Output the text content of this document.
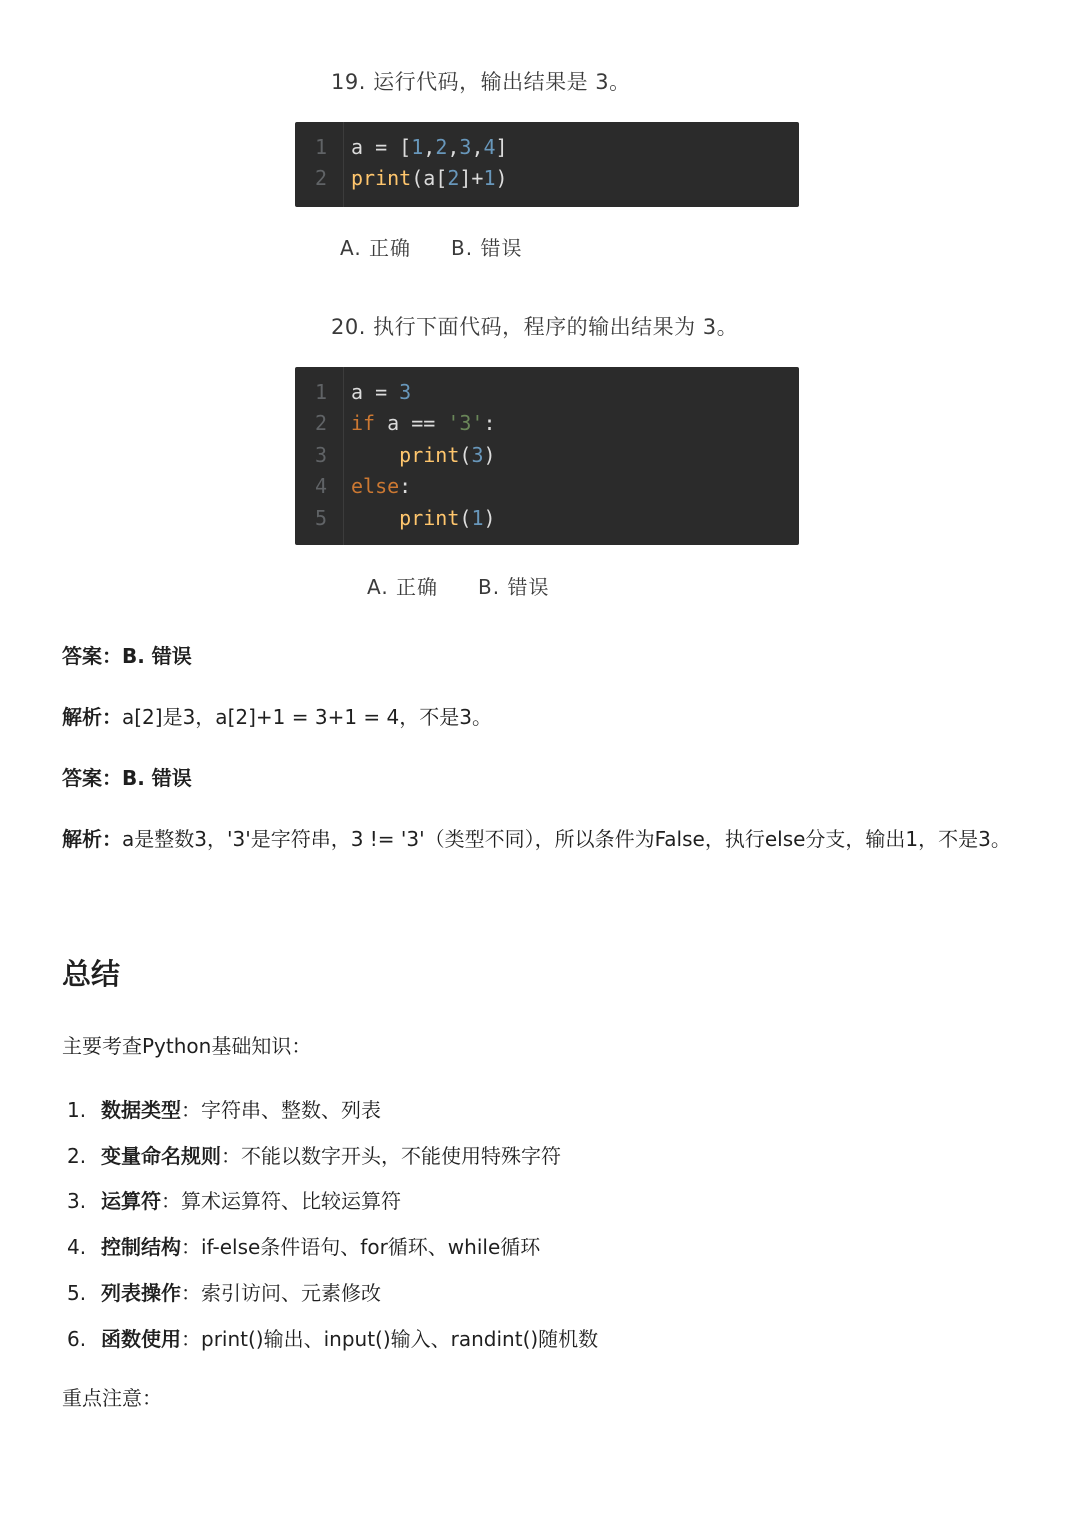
19. 运行代码，输出结果是 3。
1 a = [1,2,3,4]
2 print(a[2]+1)
A. 正确 B. 错误
20. 执行下面代码，程序的输出结果为 3。
1 a = 3
2 if a == '3':
3	print(3)
4 else:
5	print(1)
A. 正确 B. 错误
答案：B. 错误
解析：a[2]是3，a[2]+1 = 3+1 = 4，不是3。
答案：B. 错误
解析：a是整数3，'3'是字符串，3 != '3'（类型不同），所以条件为False，执行else分支，输出1，不是3。
总结
主要考查Python基础知识：
1. 数据类型：字符串、整数、列表
2. 变量命名规则：不能以数字开头，不能使用特殊字符
3. 运算符：算术运算符、比较运算符
4. 控制结构：if-else条件语句、for循环、while循环
5. 列表操作：索引访问、元素修改
6. 函数使用：print()输出、input()输入、randint()随机数
重点注意：
